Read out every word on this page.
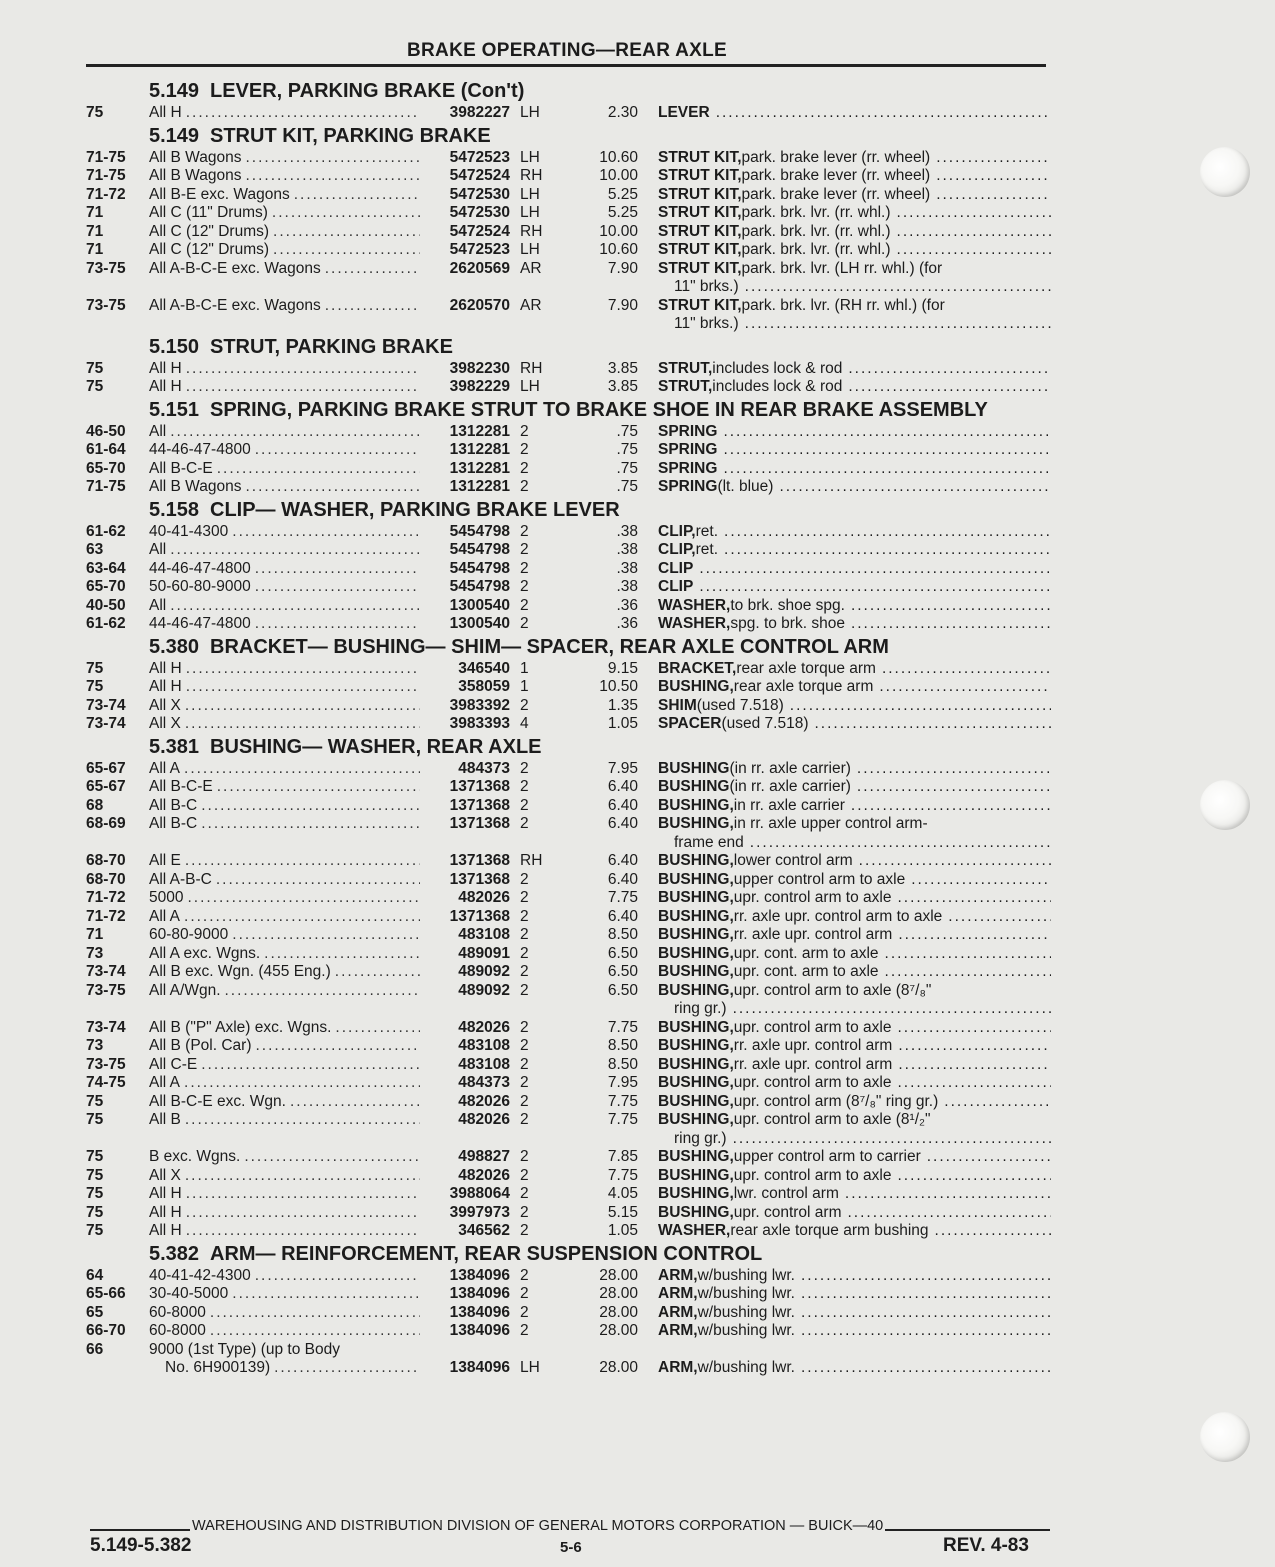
BRAKE OPERATING—REAR AXLE
5.149 LEVER, PARKING BRAKE (Con't)
75	All H .....	3982227 LH	2.30	LEVER
.....
5.149 STRUT KIT, PARKING BRAKE
71-75	All B Wagons .....	5472523 LH	10.60	STRUT KIT, park. brake lever (rr. wheel)
.....
71-75	All B Wagons .....	5472524 RH	10.00	STRUT KIT, park. brake lever (rr. wheel)
.....
71-72	All B-E exc. Wagons .....	5472530 LH	5.25	STRUT KIT, park. brake lever (rr. wheel)
.....
71	All C (11" Drums) .....	5472530 LH	5.25	STRUT KIT, park. brk. lvr. (rr. whl.)
.....
71	All C (12" Drums) .....	5472524 RH	10.00	STRUT KIT, park. brk. lvr. (rr. whl.)
.....
71	All C (12" Drums) .....	5472523 LH	10.60	STRUT KIT, park. brk. lvr. (rr. whl.)
.....
73-75	All A-B-C-E exc. Wagons .....	2620569 AR	7.90	STRUT KIT, park. brk. lvr. (LH rr. whl.) (for
11" brks.)
.....
73-75	All A-B-C-E exc. Wagons .....	2620570 AR	7.90	STRUT KIT, park. brk. lvr. (RH rr. whl.) (for
11" brks.)
.....
5.150 STRUT, PARKING BRAKE
75	All H .....	3982230 RH	3.85	STRUT, includes lock & rod
.....
75	All H .....	3982229 LH	3.85	STRUT, includes lock & rod
.....
5.151 SPRING, PARKING BRAKE STRUT TO BRAKE SHOE IN REAR BRAKE ASSEMBLY
46-50	All .....	1312281 2	.75	SPRING
.....
61-64	44-46-47-4800 .....	1312281 2	.75	SPRING
.....
65-70	All B-C-E .....	1312281 2	.75	SPRING
.....
71-75	All B Wagons .....	1312281 2	.75	SPRING (lt. blue)
.....
5.158 CLIP— WASHER, PARKING BRAKE LEVER
61-62	40-41-4300 .....	5454798 2	.38	CLIP, ret.
.....
63	All .....	5454798 2	.38	CLIP, ret.
.....
63-64	44-46-47-4800 .....	5454798 2	.38	CLIP
.....
65-70	50-60-80-9000 .....	5454798 2	.38	CLIP
.....
40-50	All .....	1300540 2	.36	WASHER, to brk. shoe spg.
.....
61-62	44-46-47-4800 .....	1300540 2	.36	WASHER, spg. to brk. shoe
.....
5.380 BRACKET— BUSHING— SHIM— SPACER, REAR AXLE CONTROL ARM
75	All H .....	346540 1	9.15	BRACKET, rear axle torque arm
.....
75	All H .....	358059 1	10.50	BUSHING, rear axle torque arm
.....
73-74	All X .....	3983392 2	1.35	SHIM (used 7.518)
.....
73-74	All X .....	3983393 4	1.05	SPACER (used 7.518)
.....
5.381 BUSHING— WASHER, REAR AXLE
65-67	All A .....	484373 2	7.95	BUSHING (in rr. axle carrier)
.....
65-67	All B-C-E .....	1371368 2	6.40	BUSHING (in rr. axle carrier)
.....
68	All B-C .....	1371368 2	6.40	BUSHING, in rr. axle carrier
.....
68-69	All B-C .....	1371368 2	6.40	BUSHING, in rr. axle upper control arm-
frame end
.....
68-70	All E .....	1371368 RH	6.40	BUSHING, lower control arm
.....
68-70	All A-B-C .....	1371368 2	6.40	BUSHING, upper control arm to axle
.....
71-72	5000 .....	482026 2	7.75	BUSHING, upr. control arm to axle
.....
71-72	All A .....	1371368 2	6.40	BUSHING, rr. axle upr. control arm to axle
.....
71	60-80-9000 .....	483108 2	8.50	BUSHING, rr. axle upr. control arm
.....
73	All A exc. Wgns. .....	489091 2	6.50	BUSHING, upr. cont. arm to axle
.....
73-74	All B exc. Wgn. (455 Eng.) .....	489092 2	6.50	BUSHING, upr. cont. arm to axle
.....
73-75	All A/Wgn. .....	489092 2	6.50	BUSHING, upr. control arm to axle (8⁷/₈"
ring gr.)
.....
73-74	All B ("P" Axle) exc. Wgns. .....	482026 2	7.75	BUSHING, upr. control arm to axle
.....
73	All B (Pol. Car) .....	483108 2	8.50	BUSHING, rr. axle upr. control arm
.....
73-75	All C-E .....	483108 2	8.50	BUSHING, rr. axle upr. control arm
.....
74-75	All A .....	484373 2	7.95	BUSHING, upr. control arm to axle
.....
75	All B-C-E exc. Wgn. .....	482026 2	7.75	BUSHING, upr. control arm (8⁷/₈" ring gr.)
.....
75	All B .....	482026 2	7.75	BUSHING, upr. control arm to axle (8¹/₂"
ring gr.)
.....
75	B exc. Wgns. .....	498827 2	7.85	BUSHING, upper control arm to carrier
.....
75	All X .....	482026 2	7.75	BUSHING, upr. control arm to axle
.....
75	All H .....	3988064 2	4.05	BUSHING, lwr. control arm
.....
75	All H .....	3997973 2	5.15	BUSHING, upr. control arm
.....
75	All H .....	346562 2	1.05	WASHER, rear axle torque arm bushing
.....
5.382 ARM— REINFORCEMENT, REAR SUSPENSION CONTROL
64	40-41-42-4300 .....	1384096 2	28.00	ARM, w/bushing lwr.
.....
65-66	30-40-5000 .....	1384096 2	28.00	ARM, w/bushing lwr.
.....
65	60-8000 .....	1384096 2	28.00	ARM, w/bushing lwr.
.....
66-70	60-8000 .....	1384096 2	28.00	ARM, w/bushing lwr.
.....
66	9000 (1st Type) (up to Body
No. 6H900139) .....	1384096 LH	28.00	ARM, w/bushing lwr.
.....
WAREHOUSING AND DISTRIBUTION DIVISION OF GENERAL MOTORS CORPORATION — BUICK—40
5.149-5.382	5-6	REV. 4-83
